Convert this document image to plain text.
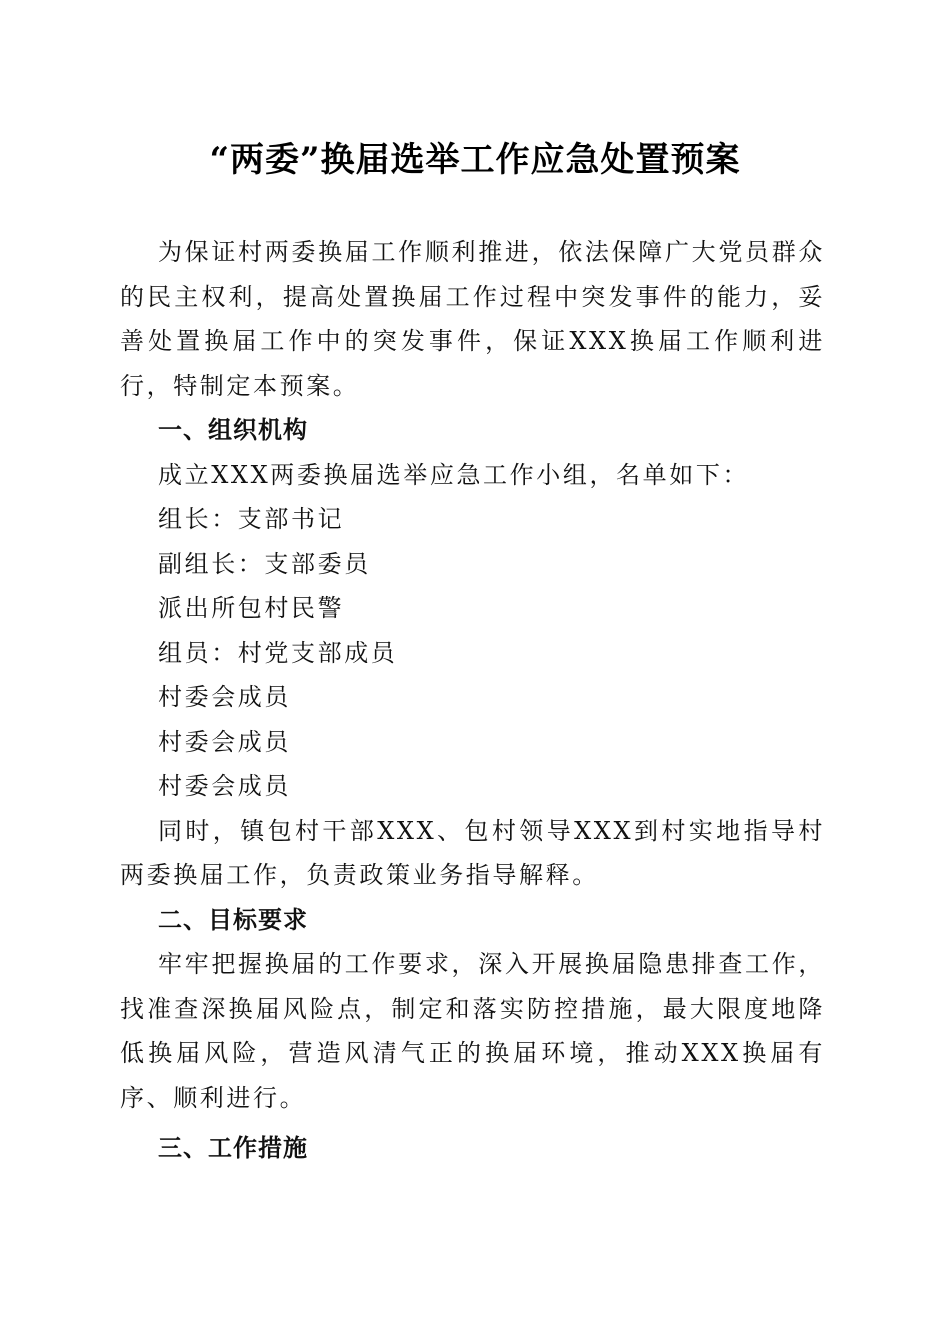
“两委”换届选举工作应急处置预案

为保证村两委换届工作顺利推进，依法保障广大党员群众的民主权利，提高处置换届工作过程中突发事件的能力，妥善处置换届工作中的突发事件，保证XXX换届工作顺利进行，特制定本预案。

一、组织机构

成立XXX两委换届选举应急工作小组，名单如下：

组长：支部书记

副组长：支部委员

派出所包村民警

组员：村党支部成员

村委会成员

村委会成员

村委会成员

同时，镇包村干部XXX、包村领导XXX到村实地指导村两委换届工作，负责政策业务指导解释。

二、目标要求

牢牢把握换届的工作要求，深入开展换届隐患排查工作，找准查深换届风险点，制定和落实防控措施，最大限度地降低换届风险，营造风清气正的换届环境，推动XXX换届有序、顺利进行。

三、工作措施
